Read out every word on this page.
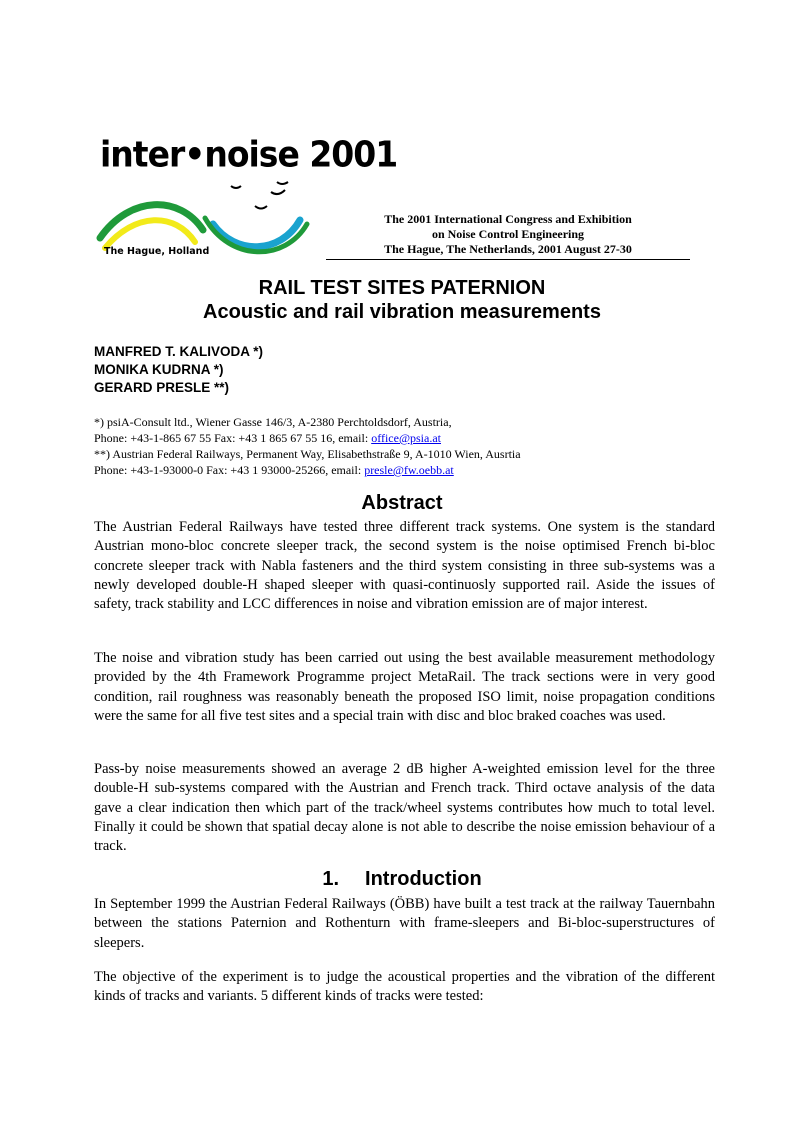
inter•noise 2001
The Hague, Holland
The 2001 International Congress and Exhibition
on Noise Control Engineering
The Hague, The Netherlands, 2001 August 27-30
RAIL TEST SITES PATERNION
Acoustic and rail vibration measurements
MANFRED T. KALIVODA *)
MONIKA KUDRNA *)
GERARD PRESLE **)
*) psiA-Consult ltd., Wiener Gasse 146/3, A-2380 Perchtoldsdorf, Austria,
Phone: +43-1-865 67 55 Fax: +43 1 865 67 55 16, email: office@psia.at
**) Austrian Federal Railways, Permanent Way, Elisabethstraße 9, A-1010 Wien, Ausrtia
Phone: +43-1-93000-0 Fax: +43 1 93000-25266, email: presle@fw.oebb.at
Abstract
The Austrian Federal Railways have tested three different track systems. One system is the standard Austrian mono-bloc concrete sleeper track, the second system is the noise optimised French bi-bloc concrete sleeper track with Nabla fasteners and the third system consisting in three sub-systems was a newly developed double-H shaped sleeper with quasi-continuosly supported rail. Aside the issues of safety, track stability and LCC differences in noise and vibration emission are of major interest.
The noise and vibration study has been carried out using the best available measurement methodology provided by the 4th Framework Programme project MetaRail. The track sections were in very good condition, rail roughness was reasonably beneath the proposed ISO limit, noise propagation conditions were the same for all five test sites and a special train with disc and bloc braked coaches was used.
Pass-by noise measurements showed an average 2 dB higher A-weighted emission level for the three double-H sub-systems compared with the Austrian and French track. Third octave analysis of the data gave a clear indication then which part of the track/wheel systems contributes how much to total level. Finally it could be shown that spatial decay alone is not able to describe the noise emission behaviour of a track.
1. Introduction
In September 1999 the Austrian Federal Railways (ÖBB) have built a test track at the railway Tauernbahn between the stations Paternion and Rothenturn with frame-sleepers and Bi-bloc-superstructures of sleepers.
The objective of the experiment is to judge the acoustical properties and the vibration of the different kinds of tracks and variants. 5 different kinds of tracks were tested:
